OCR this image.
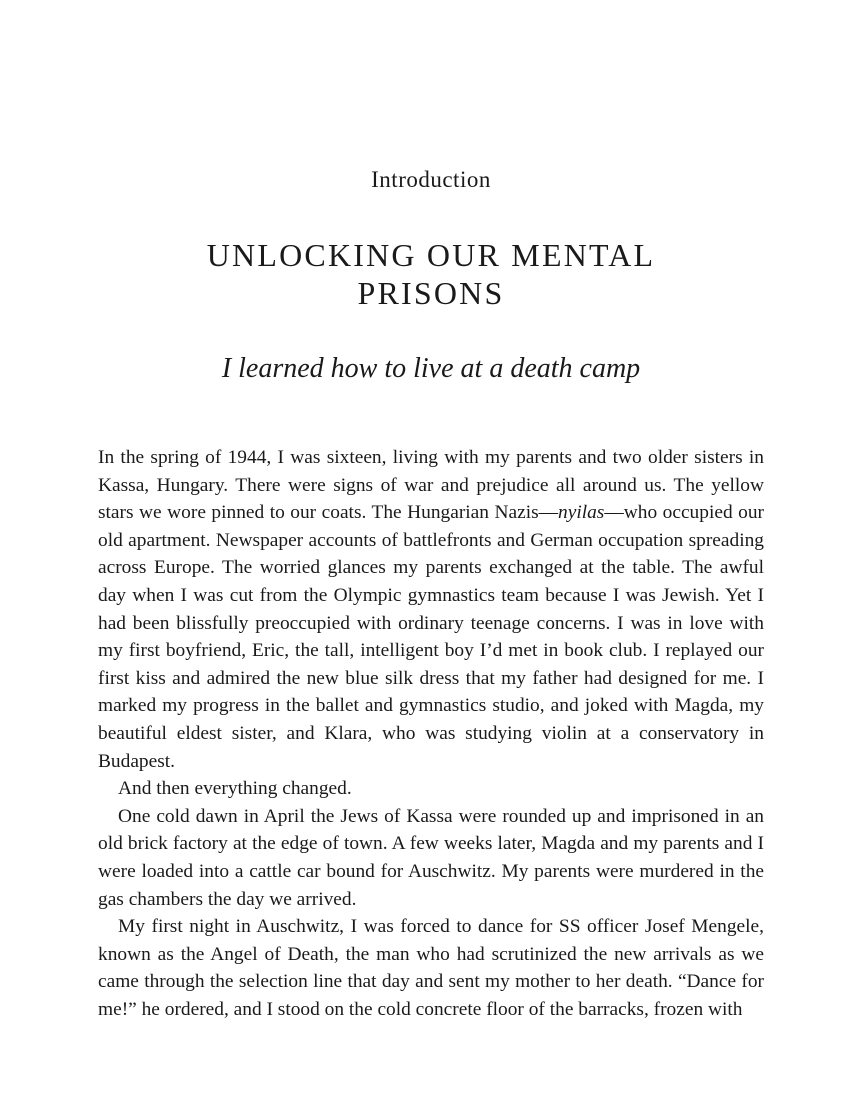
Introduction
UNLOCKING OUR MENTAL PRISONS
I learned how to live at a death camp

In the spring of 1944, I was sixteen, living with my parents and two older sisters in Kassa, Hungary. There were signs of war and prejudice all around us. The yellow stars we wore pinned to our coats. The Hungarian Nazis—nyilas—who occupied our old apartment. Newspaper accounts of battlefronts and German occupation spreading across Europe. The worried glances my parents exchanged at the table. The awful day when I was cut from the Olympic gymnastics team because I was Jewish. Yet I had been blissfully preoccupied with ordinary teenage concerns. I was in love with my first boyfriend, Eric, the tall, intelligent boy I’d met in book club. I replayed our first kiss and admired the new blue silk dress that my father had designed for me. I marked my progress in the ballet and gymnastics studio, and joked with Magda, my beautiful eldest sister, and Klara, who was studying violin at a conservatory in Budapest.

And then everything changed.

One cold dawn in April the Jews of Kassa were rounded up and imprisoned in an old brick factory at the edge of town. A few weeks later, Magda and my parents and I were loaded into a cattle car bound for Auschwitz. My parents were murdered in the gas chambers the day we arrived.

My first night in Auschwitz, I was forced to dance for SS officer Josef Mengele, known as the Angel of Death, the man who had scrutinized the new arrivals as we came through the selection line that day and sent my mother to her death. “Dance for me!” he ordered, and I stood on the cold concrete floor of the barracks, frozen with
